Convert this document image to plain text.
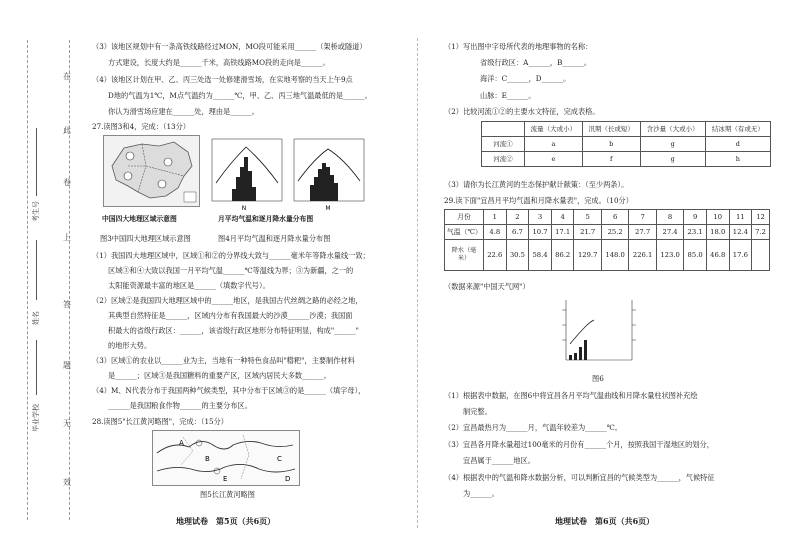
在
此
卷
上
答
题
无
效
考生号
姓名
毕业学校
（3）该地区规划中有一条高铁线路经过MON，MO段可能采用______（架桥或隧道）
方式建设，长度大约是______千米，高铁线路MO段的走向是______。
（4）该地区计划在甲、乙、丙三处选一处修建滑雪场，在实地考察的当天上午9点
D地的气温为1℃，M点气温约为______℃，甲、乙、丙三地气温最低的是______。
你认为滑雪场应建在______处，理由是______。
27.读图3和4，完成：（13分）
N	M
中国四大地理区域示意图	月平均气温和逐月降水量分布图
图3中国四大地理区域示意图	图4月平均气温和逐月降水量分布图
（1）我国四大地理区域中，区域①和②的分界线大致与______毫米年等降水量线一致；
区域③和④大致以我国一月平均气温______℃等温线为界；③为新疆，之一的
太阳能资源最丰富的地区是______（填数字代号）。
（2）区域②是我国四大地理区域中的______地区，是我国古代丝绸之路的必经之地，
其典型自然特征是______，区域内分布有我国最大的沙漠______沙漠；我国面
积最大的省级行政区：______，该省级行政区地形分布特征明显，构成"______"
的地形大势。
（3）区域①的农业以______业为主，当地有一种特色食品叫"糌粑"，主要制作材料
是______；区域③是我国糖料的重要产区，区域内居民大多数______。
（4）M、N代表分布于我国两种气候类型，其中分布于区域③的是______（填字母），
______是我国粮食作物______的主要分布区。
28.读图5"长江黄河略图"，完成：（15分）
A
B	C
D
E
图5长江黄河略图
地理试卷　第5页（共6页）
（1）写出图中字母所代表的地理事物的名称：
省级行政区：A______，B______。
海洋：C______，D______。
山脉：E______。
（2）比较河流①②的主要水文特征，完成表格。
	流量（大或小）	汛期（长或短）	含沙量（大或小）	结冰期（有或无）
河流①	a	b	g	d
河流②	e	f	g	h
（3）请你为长江黄河的生态保护献计献策：（至少两条）。
29.读下面"宜昌月平均气温和月降水量表"，完成。（10分）
月份	1	2	3	4	5	6	7	8	9	10	11	12
气温（℃）	4.8	6.7	10.7	17.1	21.7	25.2	27.7	27.4	23.1	18.0	12.4	7.2
降水（毫米）	22.6	30.5	58.4	86.2	129.7	148.0	226.1	123.0	85.0	46.8	17.6	
（数据来源"中国天气网"）
图6
（1）根据表中数据，在图6中将宜昌各月平均气温曲线和月降水量柱状图补充绘
制完整。
（2）宜昌最热月为______月，气温年较差为______℃。
（3）宜昌各月降水量超过100毫米的月份有______个月，按照我国干湿地区的划分，
宜昌属于______地区。
（4）根据表中的气温和降水数据分析，可以判断宜昌的气候类型为______，气候特征
为______。
地理试卷　第6页（共6页）
